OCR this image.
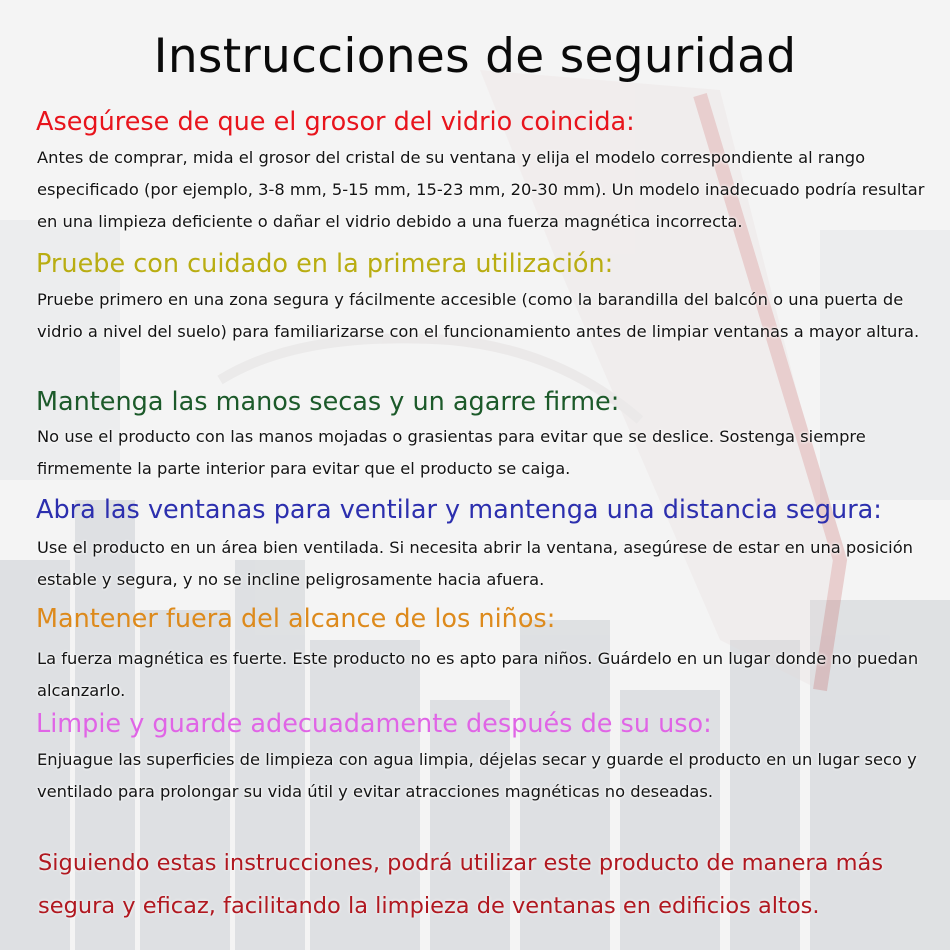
Instrucciones de seguridad
Asegúrese de que el grosor del vidrio coincida:
Antes de comprar, mida el grosor del cristal de su ventana y elija el modelo correspondiente al rango especificado (por ejemplo, 3-8 mm, 5-15 mm, 15-23 mm, 20-30 mm). Un modelo inadecuado podría resultar en una limpieza deficiente o dañar el vidrio debido a una fuerza magnética incorrecta.
Pruebe con cuidado en la primera utilización:
Pruebe primero en una zona segura y fácilmente accesible (como la barandilla del balcón o una puerta de vidrio a nivel del suelo) para familiarizarse con el funcionamiento antes de limpiar ventanas a mayor altura.
Mantenga las manos secas y un agarre firme:
No use el producto con las manos mojadas o grasientas para evitar que se deslice. Sostenga siempre firmemente la parte interior para evitar que el producto se caiga.
Abra las ventanas para ventilar y mantenga una distancia segura:
Use el producto en un área bien ventilada. Si necesita abrir la ventana, asegúrese de estar en una posición estable y segura, y no se incline peligrosamente hacia afuera.
Mantener fuera del alcance de los niños:
La fuerza magnética es fuerte. Este producto no es apto para niños. Guárdelo en un lugar donde no puedan alcanzarlo.
Limpie y guarde adecuadamente después de su uso:
Enjuague las superficies de limpieza con agua limpia, déjelas secar y guarde el producto en un lugar seco y ventilado para prolongar su vida útil y evitar atracciones magnéticas no deseadas.
Siguiendo estas instrucciones, podrá utilizar este producto de manera más segura y eficaz, facilitando la limpieza de ventanas en edificios altos.
